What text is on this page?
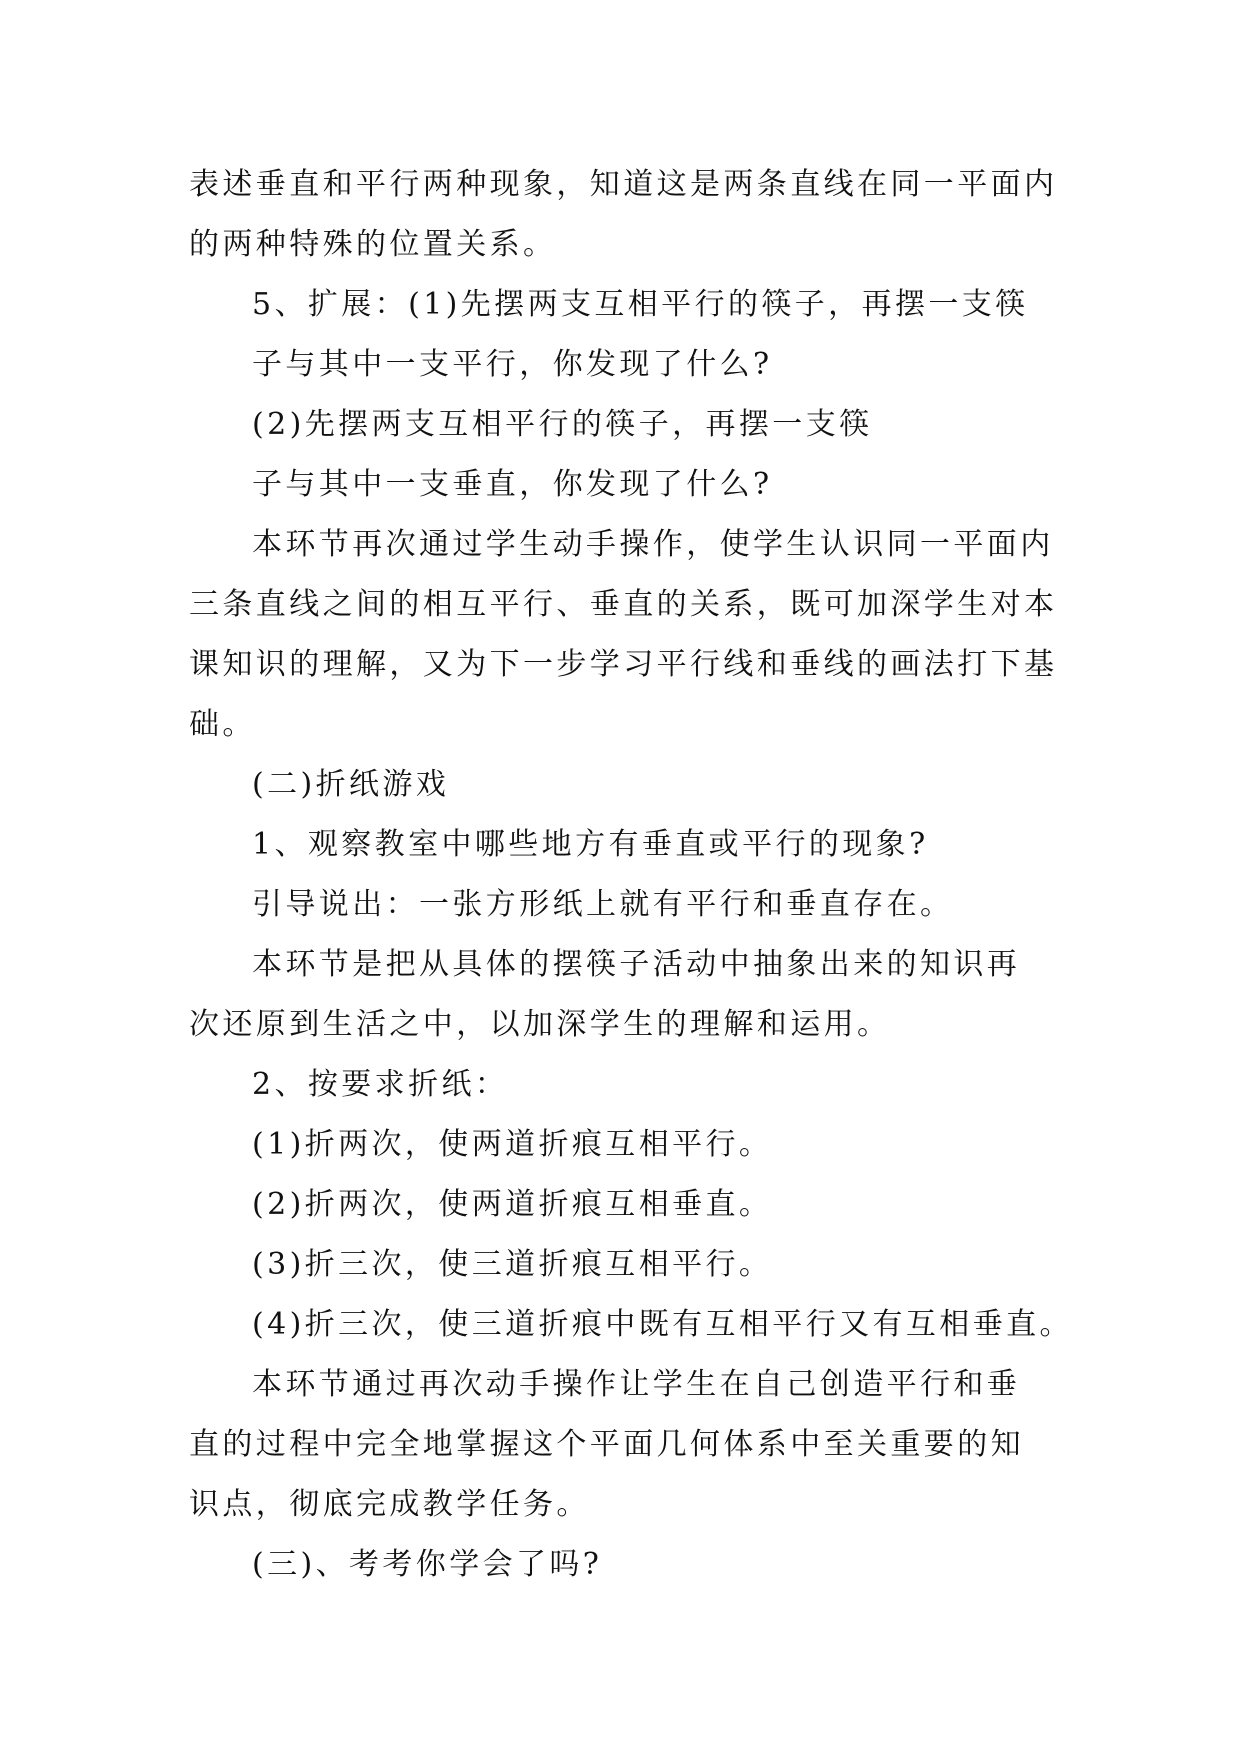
表述垂直和平行两种现象，知道这是两条直线在同一平面内
的两种特殊的位置关系。
5、扩展：(1)先摆两支互相平行的筷子，再摆一支筷
子与其中一支平行，你发现了什么?
(2)先摆两支互相平行的筷子，再摆一支筷
子与其中一支垂直，你发现了什么?
本环节再次通过学生动手操作，使学生认识同一平面内
三条直线之间的相互平行、垂直的关系，既可加深学生对本
课知识的理解，又为下一步学习平行线和垂线的画法打下基
础。
(二)折纸游戏
1、观察教室中哪些地方有垂直或平行的现象?
引导说出：一张方形纸上就有平行和垂直存在。
本环节是把从具体的摆筷子活动中抽象出来的知识再
次还原到生活之中，以加深学生的理解和运用。
2、按要求折纸：
(1)折两次，使两道折痕互相平行。
(2)折两次，使两道折痕互相垂直。
(3)折三次，使三道折痕互相平行。
(4)折三次，使三道折痕中既有互相平行又有互相垂直。
本环节通过再次动手操作让学生在自己创造平行和垂
直的过程中完全地掌握这个平面几何体系中至关重要的知
识点，彻底完成教学任务。
(三)、考考你学会了吗?
